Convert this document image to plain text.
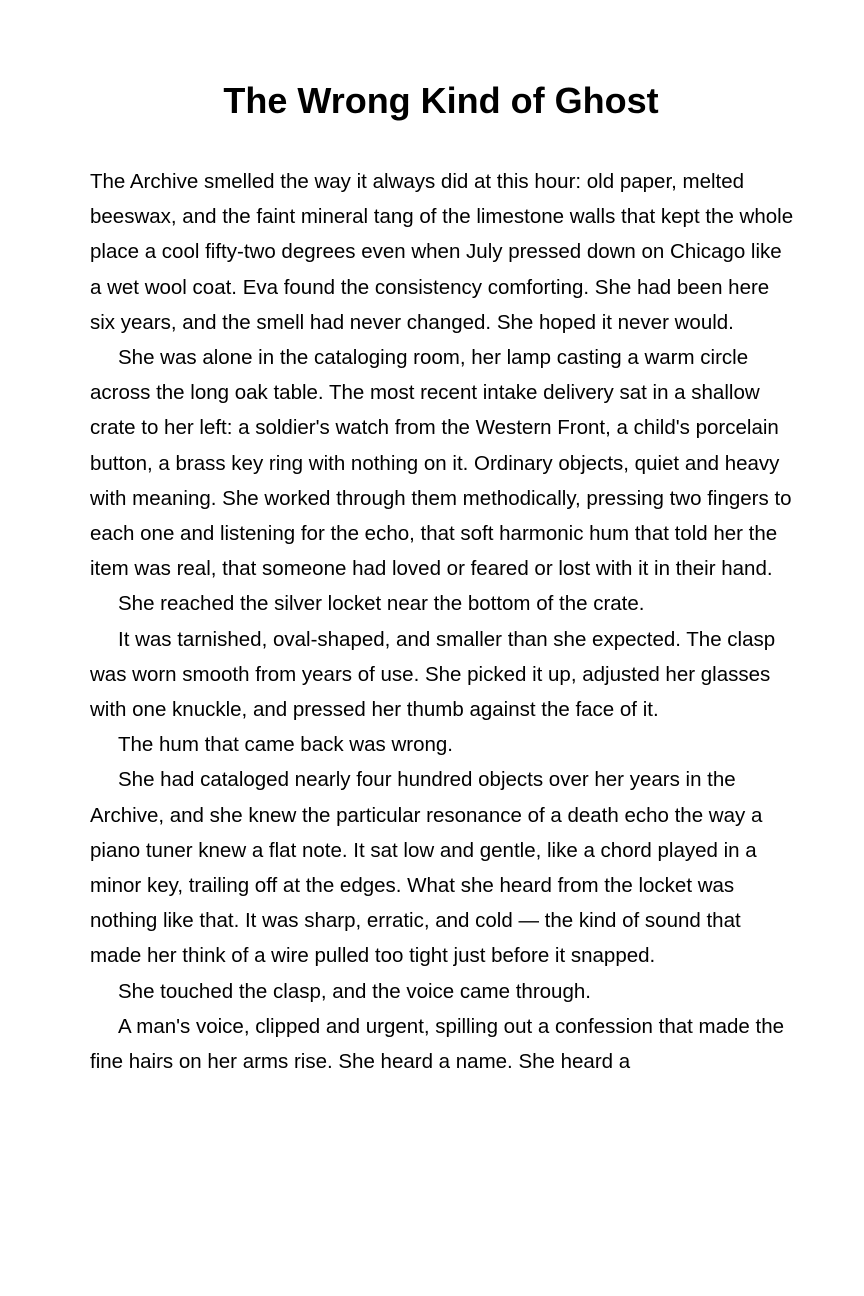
The Wrong Kind of Ghost

The Archive smelled the way it always did at this hour: old paper, melted beeswax, and the faint mineral tang of the limestone walls that kept the whole place a cool fifty-two degrees even when July pressed down on Chicago like a wet wool coat. Eva found the consistency comforting. She had been here six years, and the smell had never changed. She hoped it never would.

She was alone in the cataloging room, her lamp casting a warm circle across the long oak table. The most recent intake delivery sat in a shallow crate to her left: a soldier's watch from the Western Front, a child's porcelain button, a brass key ring with nothing on it. Ordinary objects, quiet and heavy with meaning. She worked through them methodically, pressing two fingers to each one and listening for the echo, that soft harmonic hum that told her the item was real, that someone had loved or feared or lost with it in their hand.

She reached the silver locket near the bottom of the crate.

It was tarnished, oval-shaped, and smaller than she expected. The clasp was worn smooth from years of use. She picked it up, adjusted her glasses with one knuckle, and pressed her thumb against the face of it.

The hum that came back was wrong.

She had cataloged nearly four hundred objects over her years in the Archive, and she knew the particular resonance of a death echo the way a piano tuner knew a flat note. It sat low and gentle, like a chord played in a minor key, trailing off at the edges. What she heard from the locket was nothing like that. It was sharp, erratic, and cold — the kind of sound that made her think of a wire pulled too tight just before it snapped.

She touched the clasp, and the voice came through.

A man's voice, clipped and urgent, spilling out a confession that made the fine hairs on her arms rise. She heard a name. She heard a
